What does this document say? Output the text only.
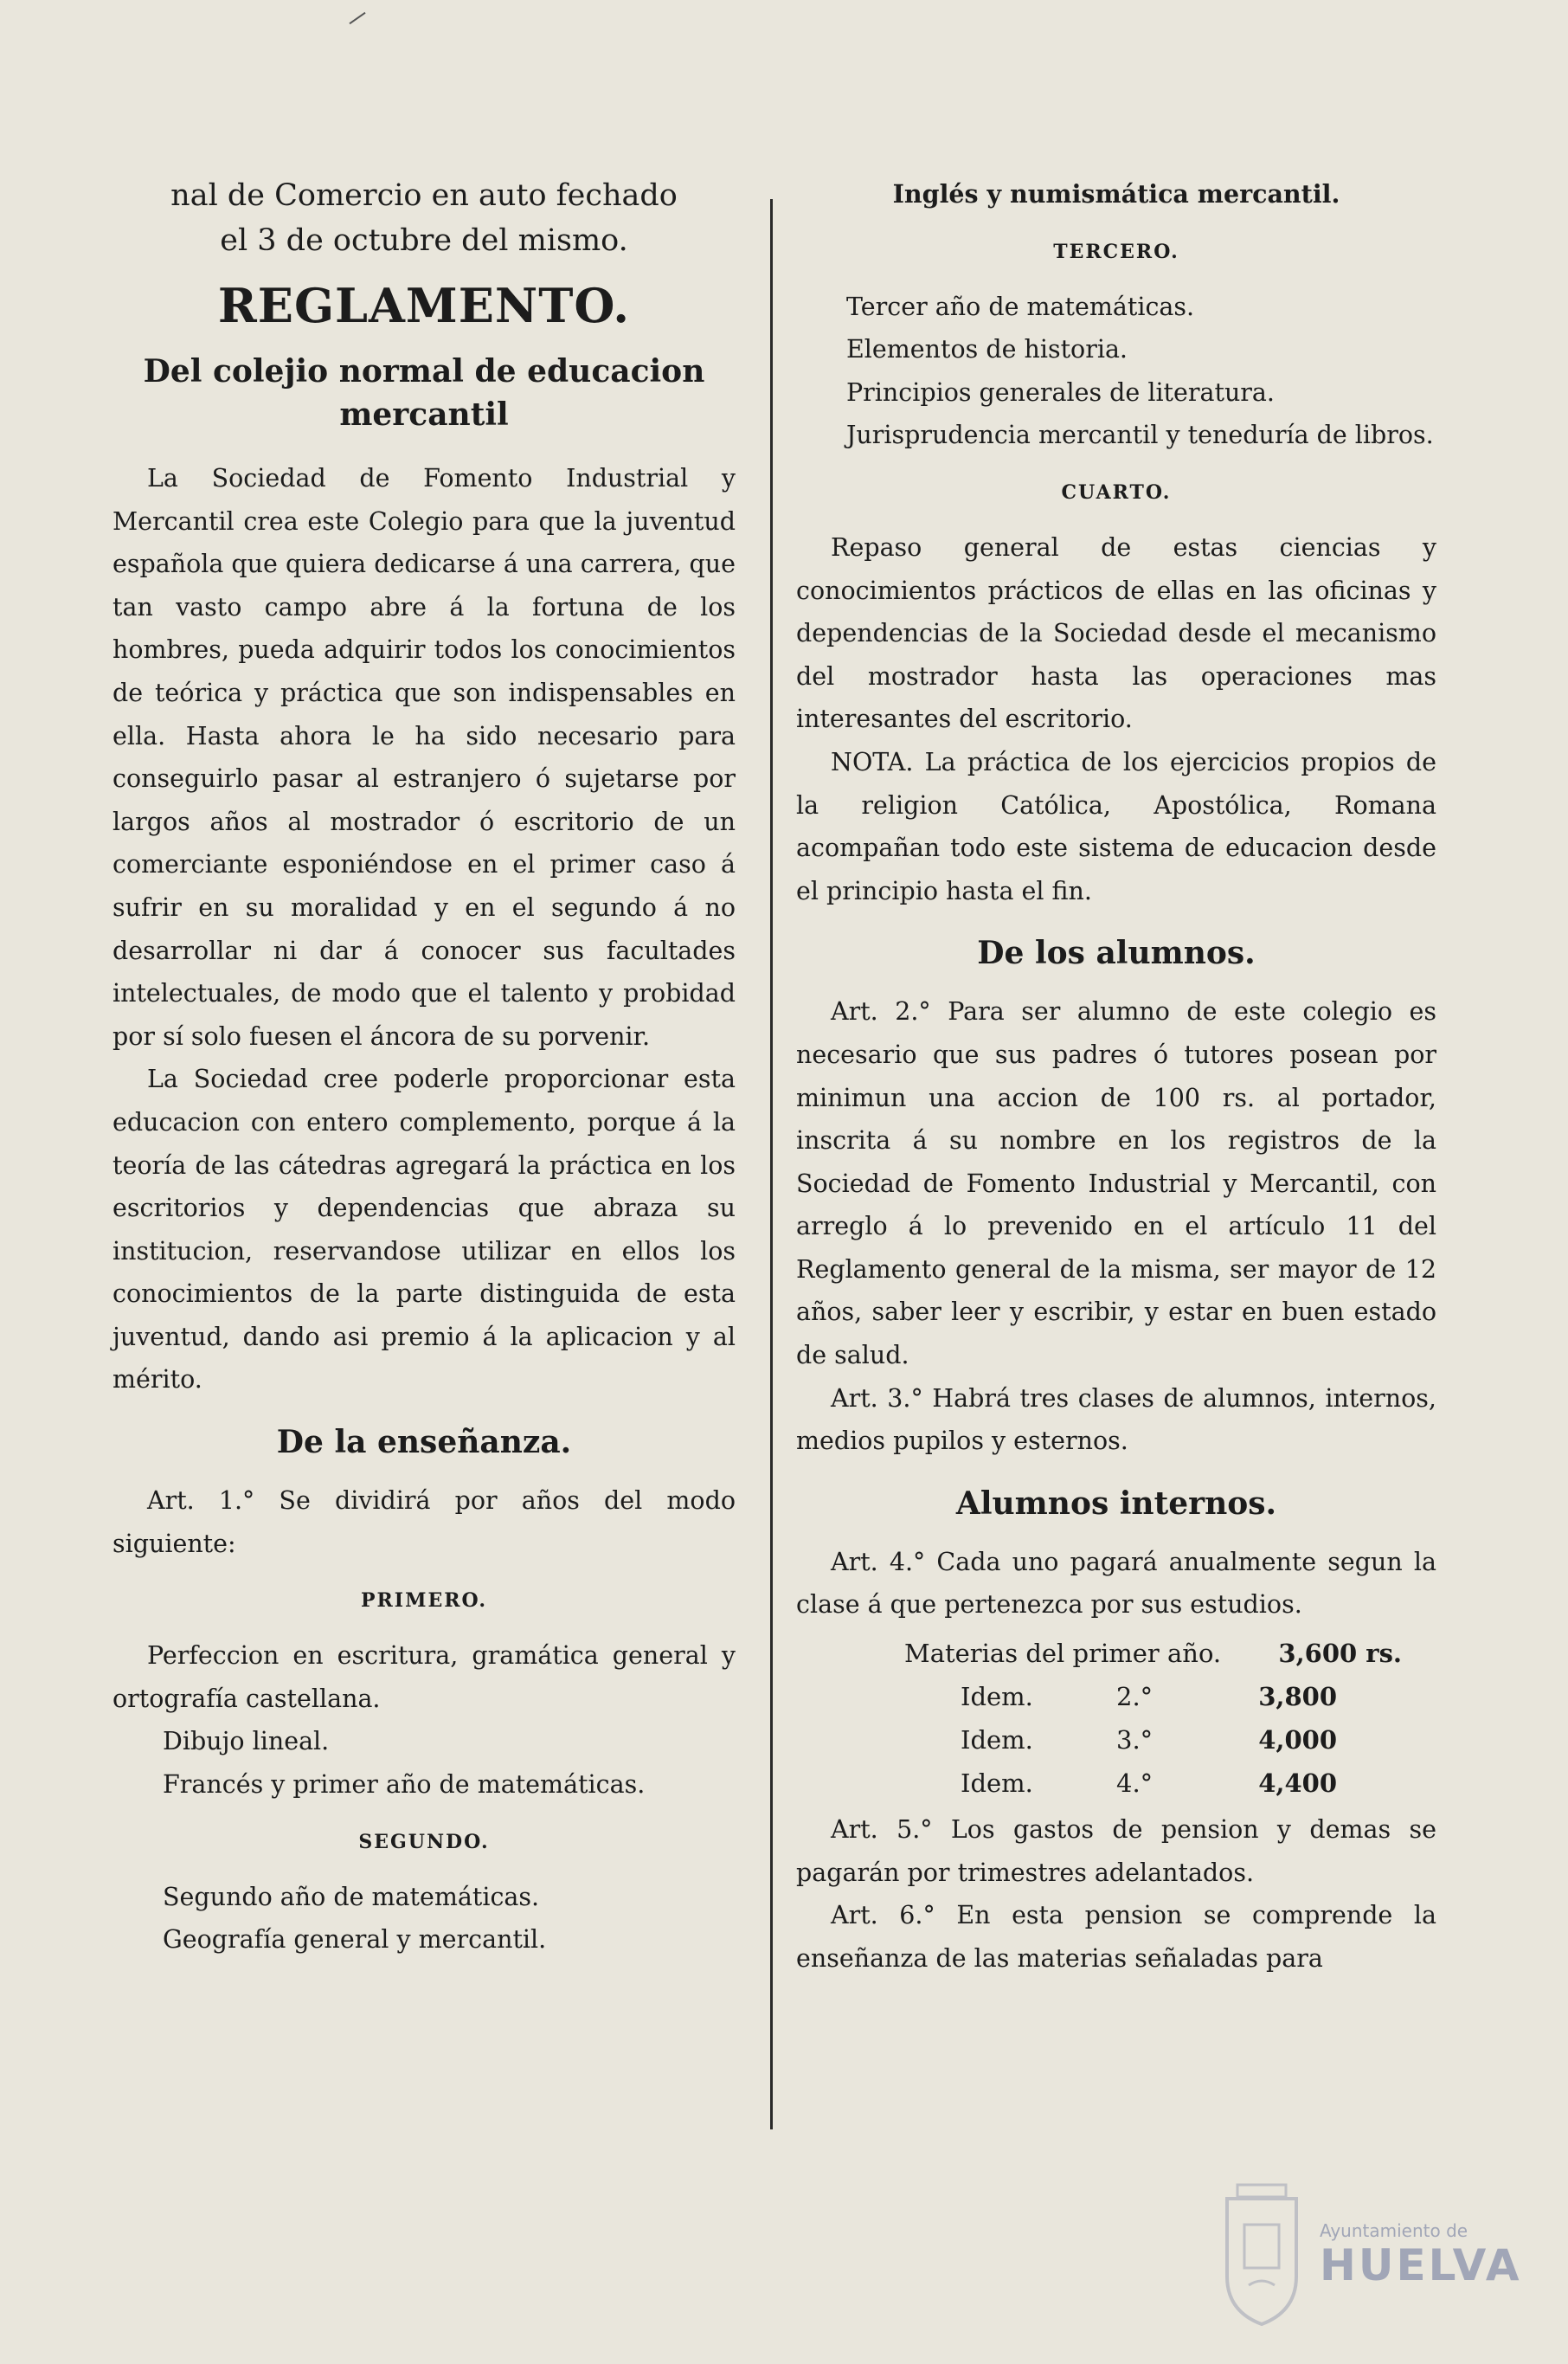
nal de Comercio en auto fechado

el 3 de octubre del mismo.

REGLAMENTO.
Del colejio normal de educacion mercantil

La Sociedad de Fomento Industrial y Mercantil crea este Colegio para que la juventud española que quiera dedicarse á una carrera, que tan vasto campo abre á la fortuna de los hombres, pueda adquirir todos los conocimientos de teórica y práctica que son indispensables en ella. Hasta ahora le ha sido necesario para conseguirlo pasar al estranjero ó sujetarse por largos años al mostrador ó escritorio de un comerciante esponiéndose en el primer caso á sufrir en su moralidad y en el segundo á no desarrollar ni dar á conocer sus facultades intelectuales, de modo que el talento y probidad por sí solo fuesen el áncora de su porvenir.

La Sociedad cree poderle proporcionar esta educacion con entero complemento, porque á la teoría de las cátedras agregará la práctica en los escritorios y dependencias que abraza su institucion, reservandose utilizar en ellos los conocimientos de la parte distinguida de esta juventud, dando asi premio á la aplicacion y al mérito.

De la enseñanza.

Art. 1.° Se dividirá por años del modo siguiente:

PRIMERO.

Perfeccion en escritura, gramática general y ortografía castellana.

Dibujo lineal.

Francés y primer año de matemáticas.

SEGUNDO.

Segundo año de matemáticas.

Geografía general y mercantil.

Inglés y numismática mercantil.

TERCERO.

Tercer año de matemáticas.

Elementos de historia.

Principios generales de literatura.

Jurisprudencia mercantil y teneduría de libros.

CUARTO.

Repaso general de estas ciencias y conocimientos prácticos de ellas en las oficinas y dependencias de la Sociedad desde el mecanismo del mostrador hasta las operaciones mas interesantes del escritorio.

NOTA. La práctica de los ejercicios propios de la religion Católica, Apostólica, Romana acompañan todo este sistema de educacion desde el principio hasta el fin.

De los alumnos.

Art. 2.° Para ser alumno de este colegio es necesario que sus padres ó tutores posean por minimun una accion de 100 rs. al portador, inscrita á su nombre en los registros de la Sociedad de Fomento Industrial y Mercantil, con arreglo á lo prevenido en el artículo 11 del Reglamento general de la misma, ser mayor de 12 años, saber leer y escribir, y estar en buen estado de salud.

Art. 3.° Habrá tres clases de alumnos, internos, medios pupilos y esternos.

Alumnos internos.

Art. 4.° Cada uno pagará anualmente segun la clase á que pertenezca por sus estudios.

Materias del primer año.	3,600 rs.
Idem.	2.°	3,800
Idem.	3.°	4,000
Idem.	4.°	4,400

Art. 5.° Los gastos de pension y demas se pagarán por trimestres adelantados.

Art. 6.° En esta pension se comprende la enseñanza de las materias señaladas para

Ayuntamiento de
HUELVA
